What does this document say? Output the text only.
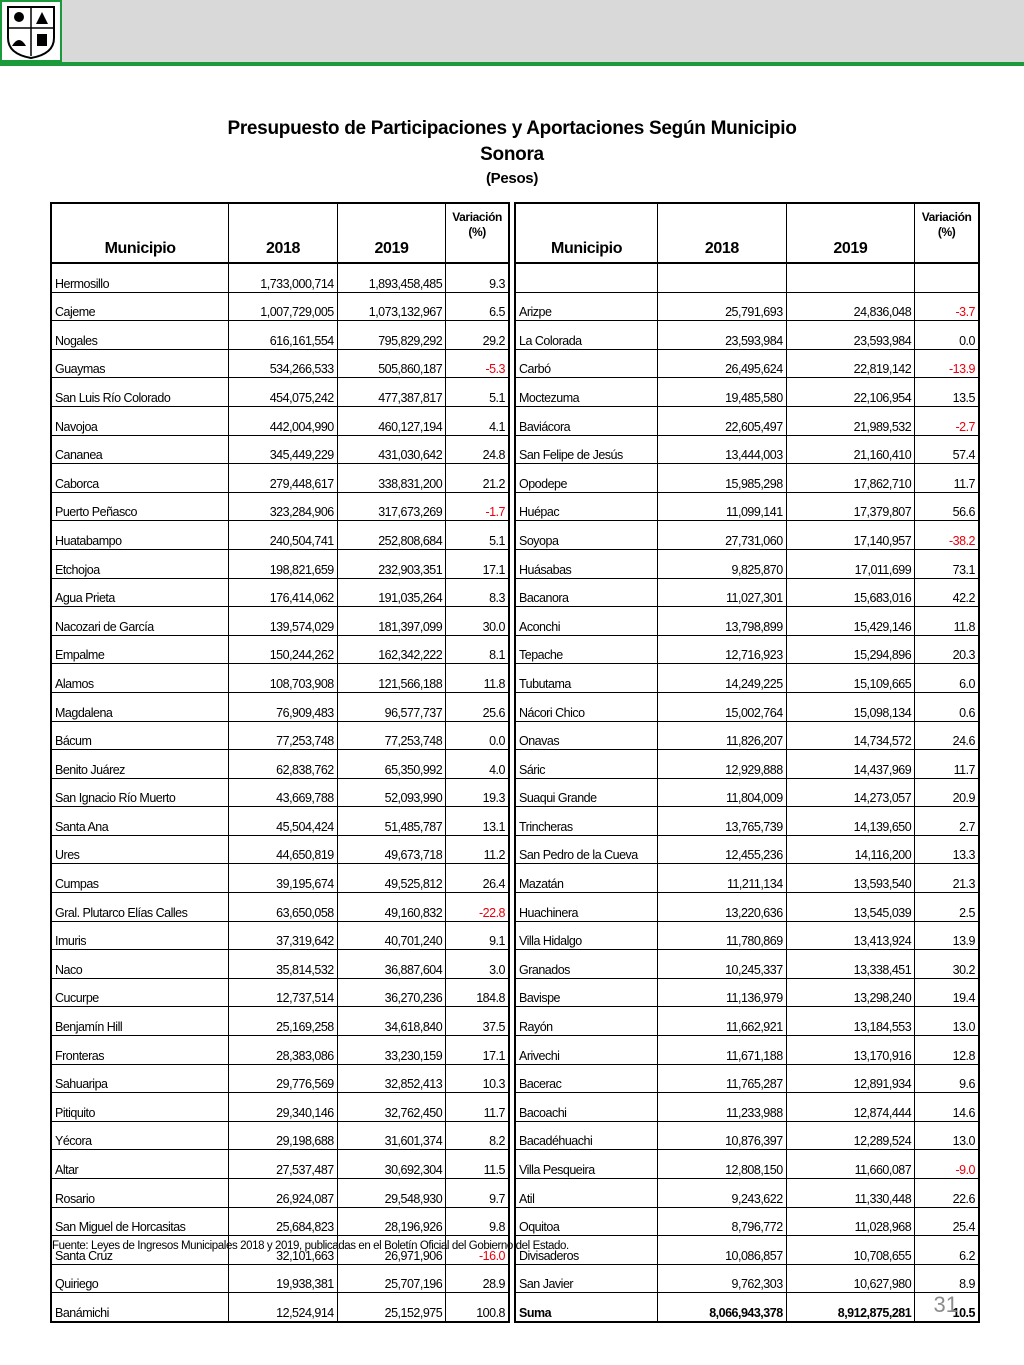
Presupuesto de Participaciones y Aportaciones Según Municipio
Sonora
(Pesos)
Municipio	2018	2019	Variación
(%)
Hermosillo	1,733,000,714	1,893,458,485	9.3
Cajeme	1,007,729,005	1,073,132,967	6.5
Nogales	616,161,554	795,829,292	29.2
Guaymas	534,266,533	505,860,187	-5.3
San Luis Río Colorado	454,075,242	477,387,817	5.1
Navojoa	442,004,990	460,127,194	4.1
Cananea	345,449,229	431,030,642	24.8
Caborca	279,448,617	338,831,200	21.2
Puerto Peñasco	323,284,906	317,673,269	-1.7
Huatabampo	240,504,741	252,808,684	5.1
Etchojoa	198,821,659	232,903,351	17.1
Agua Prieta	176,414,062	191,035,264	8.3
Nacozari de García	139,574,029	181,397,099	30.0
Empalme	150,244,262	162,342,222	8.1
Alamos	108,703,908	121,566,188	11.8
Magdalena	76,909,483	96,577,737	25.6
Bácum	77,253,748	77,253,748	0.0
Benito Juárez	62,838,762	65,350,992	4.0
San Ignacio Río Muerto	43,669,788	52,093,990	19.3
Santa Ana	45,504,424	51,485,787	13.1
Ures	44,650,819	49,673,718	11.2
Cumpas	39,195,674	49,525,812	26.4
Gral. Plutarco Elías Calles	63,650,058	49,160,832	-22.8
Imuris	37,319,642	40,701,240	9.1
Naco	35,814,532	36,887,604	3.0
Cucurpe	12,737,514	36,270,236	184.8
Benjamín Hill	25,169,258	34,618,840	37.5
Fronteras	28,383,086	33,230,159	17.1
Sahuaripa	29,776,569	32,852,413	10.3
Pitiquito	29,340,146	32,762,450	11.7
Yécora	29,198,688	31,601,374	8.2
Altar	27,537,487	30,692,304	11.5
Rosario	26,924,087	29,548,930	9.7
San Miguel de Horcasitas	25,684,823	28,196,926	9.8
Santa Cruz	32,101,663	26,971,906	-16.0
Quiriego	19,938,381	25,707,196	28.9
Banámichi	12,524,914	25,152,975	100.8
Municipio	2018	2019	Variación
(%)

Arizpe	25,791,693	24,836,048	-3.7
La Colorada	23,593,984	23,593,984	0.0
Carbó	26,495,624	22,819,142	-13.9
Moctezuma	19,485,580	22,106,954	13.5
Baviácora	22,605,497	21,989,532	-2.7
San Felipe de Jesús	13,444,003	21,160,410	57.4
Opodepe	15,985,298	17,862,710	11.7
Huépac	11,099,141	17,379,807	56.6
Soyopa	27,731,060	17,140,957	-38.2
Huásabas	9,825,870	17,011,699	73.1
Bacanora	11,027,301	15,683,016	42.2
Aconchi	13,798,899	15,429,146	11.8
Tepache	12,716,923	15,294,896	20.3
Tubutama	14,249,225	15,109,665	6.0
Nácori Chico	15,002,764	15,098,134	0.6
Onavas	11,826,207	14,734,572	24.6
Sáric	12,929,888	14,437,969	11.7
Suaqui Grande	11,804,009	14,273,057	20.9
Trincheras	13,765,739	14,139,650	2.7
San Pedro de la Cueva	12,455,236	14,116,200	13.3
Mazatán	11,211,134	13,593,540	21.3
Huachinera	13,220,636	13,545,039	2.5
Villa Hidalgo	11,780,869	13,413,924	13.9
Granados	10,245,337	13,338,451	30.2
Bavispe	11,136,979	13,298,240	19.4
Rayón	11,662,921	13,184,553	13.0
Arivechi	11,671,188	13,170,916	12.8
Bacerac	11,765,287	12,891,934	9.6
Bacoachi	11,233,988	12,874,444	14.6
Bacadéhuachi	10,876,397	12,289,524	13.0
Villa Pesqueira	12,808,150	11,660,087	-9.0
Atil	9,243,622	11,330,448	22.6
Oquitoa	8,796,772	11,028,968	25.4
Divisaderos	10,086,857	10,708,655	6.2
San Javier	9,762,303	10,627,980	8.9
Suma	8,066,943,378	8,912,875,281	10.5
Fuente: Leyes de Ingresos Municipales 2018 y 2019, publicadas en el Boletín Oficial del Gobierno del Estado.
31
